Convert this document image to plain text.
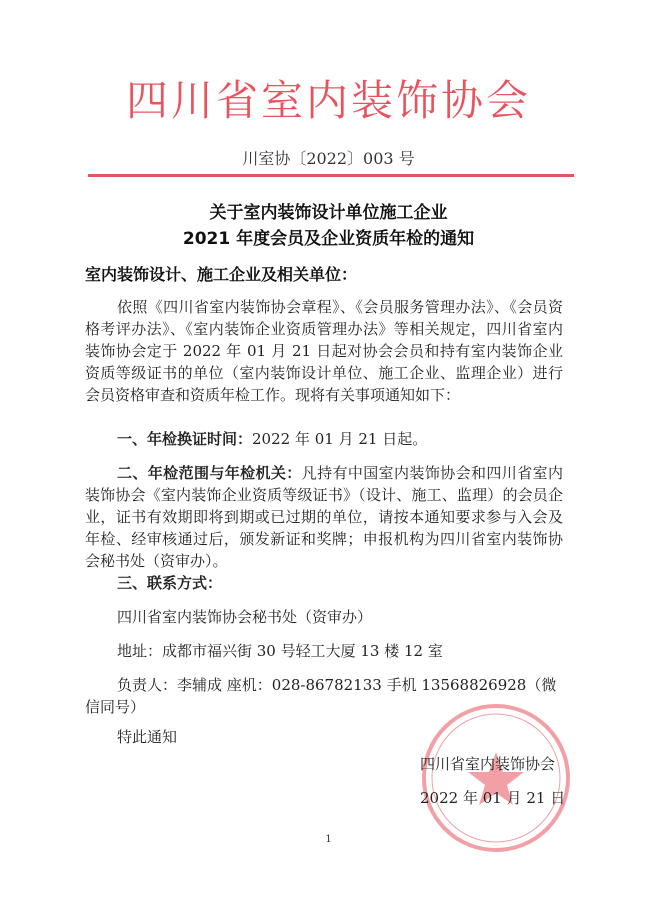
四川省室内装饰协会
川室协〔2022〕003 号
关于室内装饰设计单位施工企业
2021 年度会员及企业资质年检的通知
室内装饰设计、施工企业及相关单位：
依照《四川省室内装饰协会章程》、《会员服务管理办法》、《会员资格考评办法》、《室内装饰企业资质管理办法》等相关规定，四川省室内装饰协会定于 2022 年 01 月 21 日起对协会会员和持有室内装饰企业资质等级证书的单位（室内装饰设计单位、施工企业、监理企业）进行会员资格审查和资质年检工作。现将有关事项通知如下：
一、年检换证时间：2022 年 01 月 21 日起。
二、年检范围与年检机关：凡持有中国室内装饰协会和四川省室内装饰协会《室内装饰企业资质等级证书》（设计、施工、监理）的会员企业，证书有效期即将到期或已过期的单位，请按本通知要求参与入会及年检、经审核通过后，颁发新证和奖牌；申报机构为四川省室内装饰协会秘书处（资审办）。
三、联系方式：
四川省室内装饰协会秘书处（资审办）
地址：成都市福兴街 30 号轻工大厦 13 楼 12 室
负责人：李辅成 座机：028-86782133 手机 13568826928（微信同号）
特此通知
四川省室内装饰协会
2022 年 01 月 21 日
1
